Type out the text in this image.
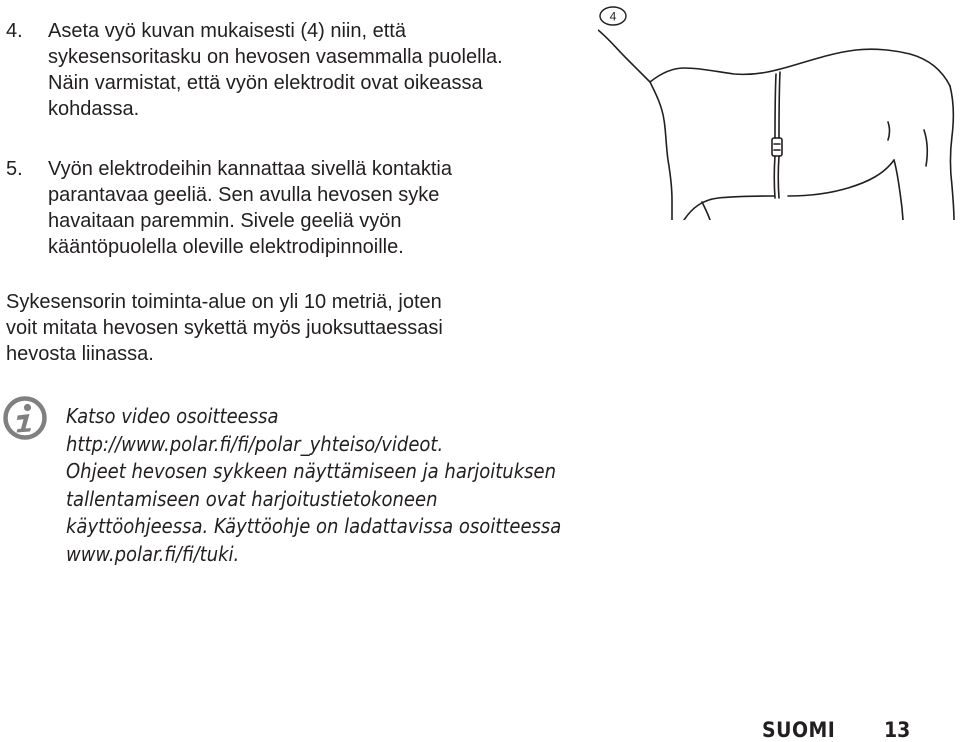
4. Aseta vyö kuvan mukaisesti (4) niin, että
sykesensoritasku on hevosen vasemmalla puolella.
Näin varmistat, että vyön elektrodit ovat oikeassa
kohdassa.
5. Vyön elektrodeihin kannattaa sivellä kontaktia
parantavaa geeliä. Sen avulla hevosen syke
havaitaan paremmin. Sivele geeliä vyön
kääntöpuolella oleville elektrodipinnoille.
Sykesensorin toiminta-alue on yli 10 metriä, joten
voit mitata hevosen sykettä myös juoksuttaessasi
hevosta liinassa.
Katso video osoitteessa
http://www.polar.fi/fi/polar_yhteiso/videot.
Ohjeet hevosen sykkeen näyttämiseen ja harjoituksen
tallentamiseen ovat harjoitustietokoneen
käyttöohjeessa. Käyttöohje on ladattavissa osoitteessa
www.polar.fi/fi/tuki.
4
SUOMI 13
